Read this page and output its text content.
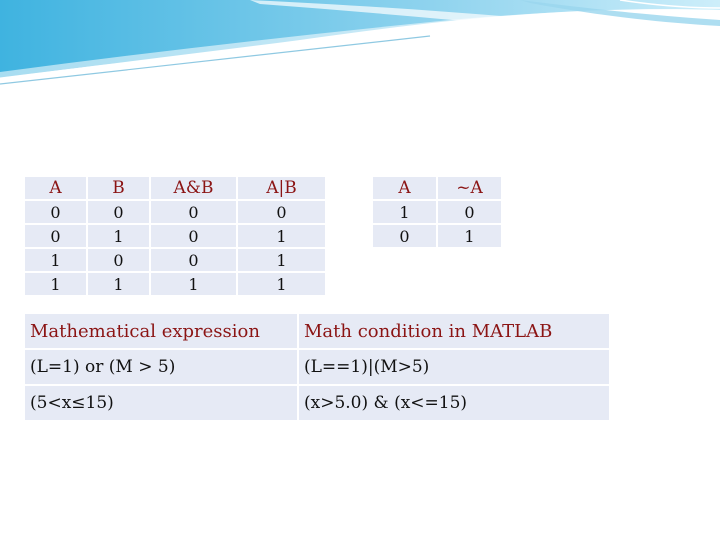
A	B	A&B	A|B
0	0	0	0
0	1	0	1
1	0	0	1
1	1	1	1
A	~A
1	0
0	1
Mathematical expression	Math condition in MATLAB
(L=1) or (M > 5)	(L==1)|(M>5)
(5<x≤15)	(x>5.0) & (x<=15)
